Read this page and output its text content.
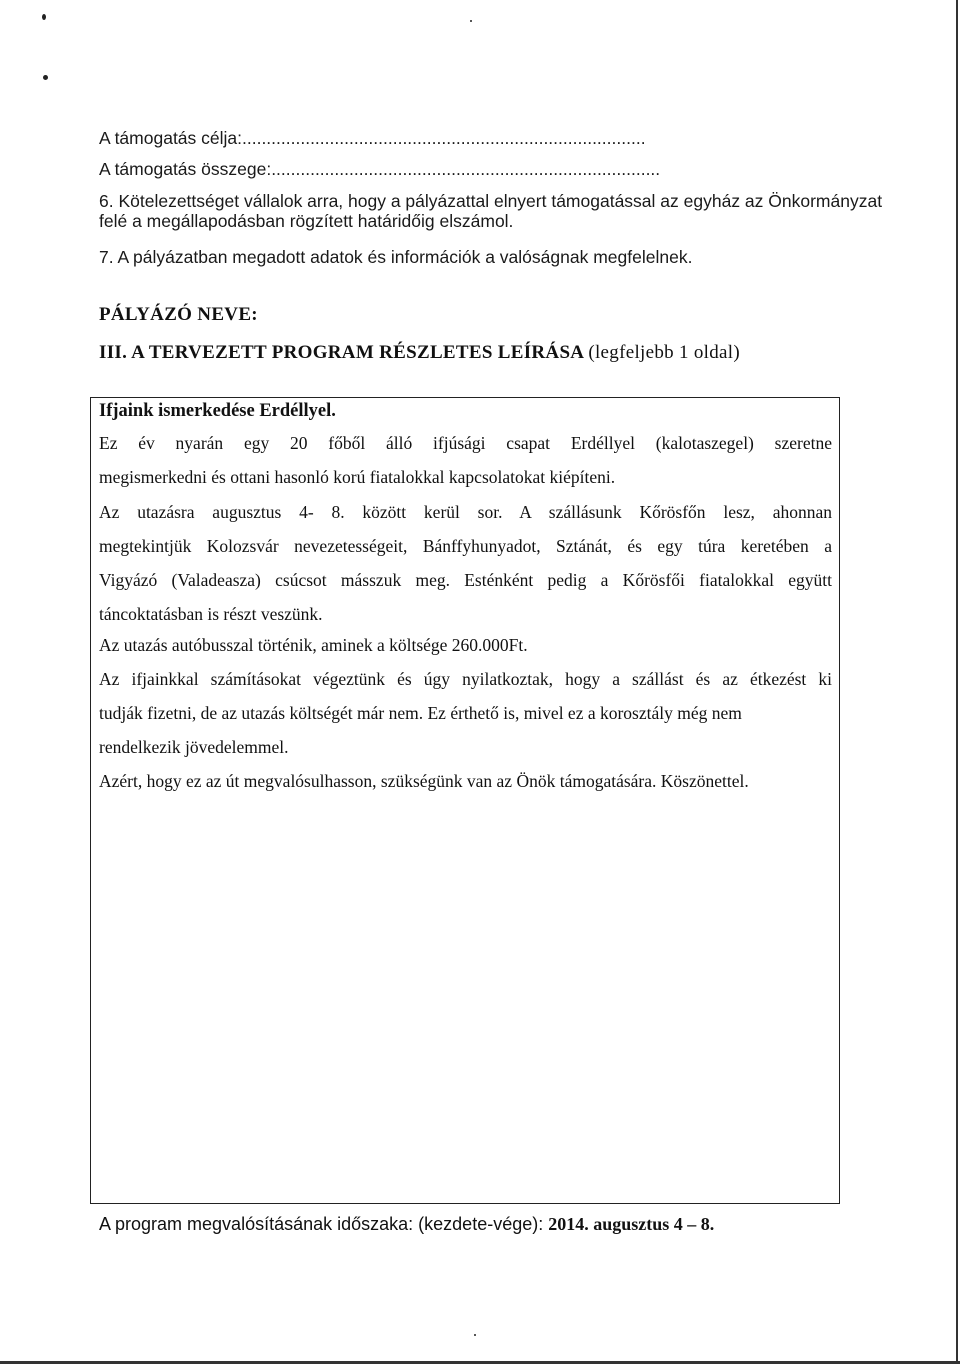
A támogatás célja:...................................................................................
A támogatás összege:................................................................................
6. Kötelezettséget vállalok arra, hogy a pályázattal elnyert támogatással az egyház az Önkormányzat
felé a megállapodásban rögzített határidőig elszámol.
7. A pályázatban megadott adatok és információk a valóságnak megfelelnek.
PÁLYÁZÓ NEVE:
III. A TERVEZETT PROGRAM RÉSZLETES LEÍRÁSA (legfeljebb 1 oldal)
Ifjaink ismerkedése Erdéllyel.
Ez év nyarán egy 20 főből álló ifjúsági csapat Erdéllyel (kalotaszegel) szeretne
megismerkedni és ottani hasonló korú fiatalokkal kapcsolatokat kiépíteni.
Az utazásra augusztus 4- 8. között kerül sor. A szállásunk Kőrösfőn lesz, ahonnan
megtekintjük Kolozsvár nevezetességeit, Bánffyhunyadot, Sztánát, és egy túra keretében a
Vigyázó (Valadeasza) csúcsot másszuk meg. Esténként pedig a Kőrösfői fiatalokkal együtt
táncoktatásban is részt veszünk.
Az utazás autóbusszal történik, aminek a költsége 260.000Ft.
Az ifjainkkal számításokat végeztünk és úgy nyilatkoztak, hogy a szállást és az étkezést ki
tudják fizetni, de az utazás költségét már nem. Ez érthető is, mivel ez a korosztály még nem
rendelkezik jövedelemmel.
Azért, hogy ez az út megvalósulhasson, szükségünk van az Önök támogatására. Köszönettel.
A program megvalósításának időszaka: (kezdete-vége): 2014. augusztus 4 – 8.
